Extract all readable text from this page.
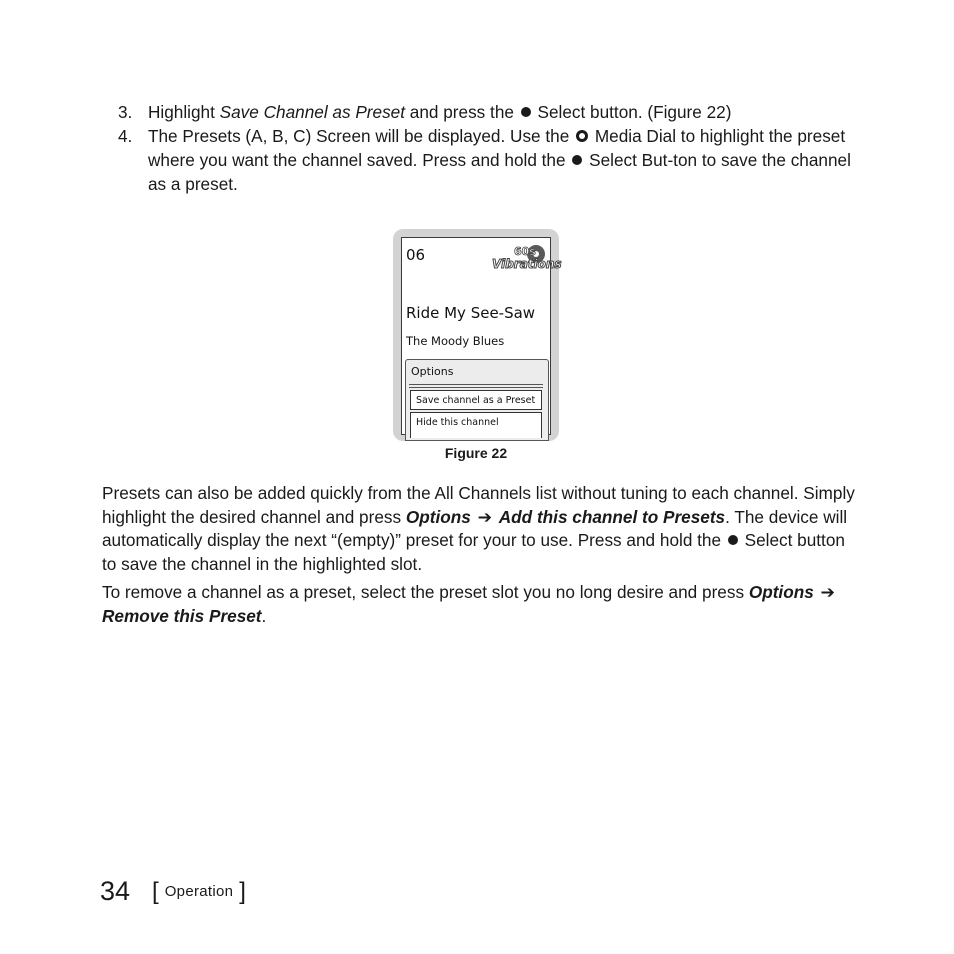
3. Highlight Save Channel as Preset and press the  Select button. (Figure 22)
4. The Presets (A, B, C) Screen will be displayed. Use the  Media Dial to highlight the preset where you want the channel saved. Press and hold the  Select But-ton to save the channel as a preset.
06	60s
Vibrations
Ride My See-Saw
The Moody Blues
Options
Save channel as a Preset
Hide this channel
Figure 22
Presets can also be added quickly from the All Channels list without tuning to each channel. Simply highlight the desired channel and press Options ➔ Add this channel to Presets. The device will automatically display the next “(empty)” preset for your to use. Press and hold the  Select button to save the channel in the highlighted slot.
To remove a channel as a preset, select the preset slot you no long desire and press Options ➔ Remove this Preset.
34 [ Operation ]
